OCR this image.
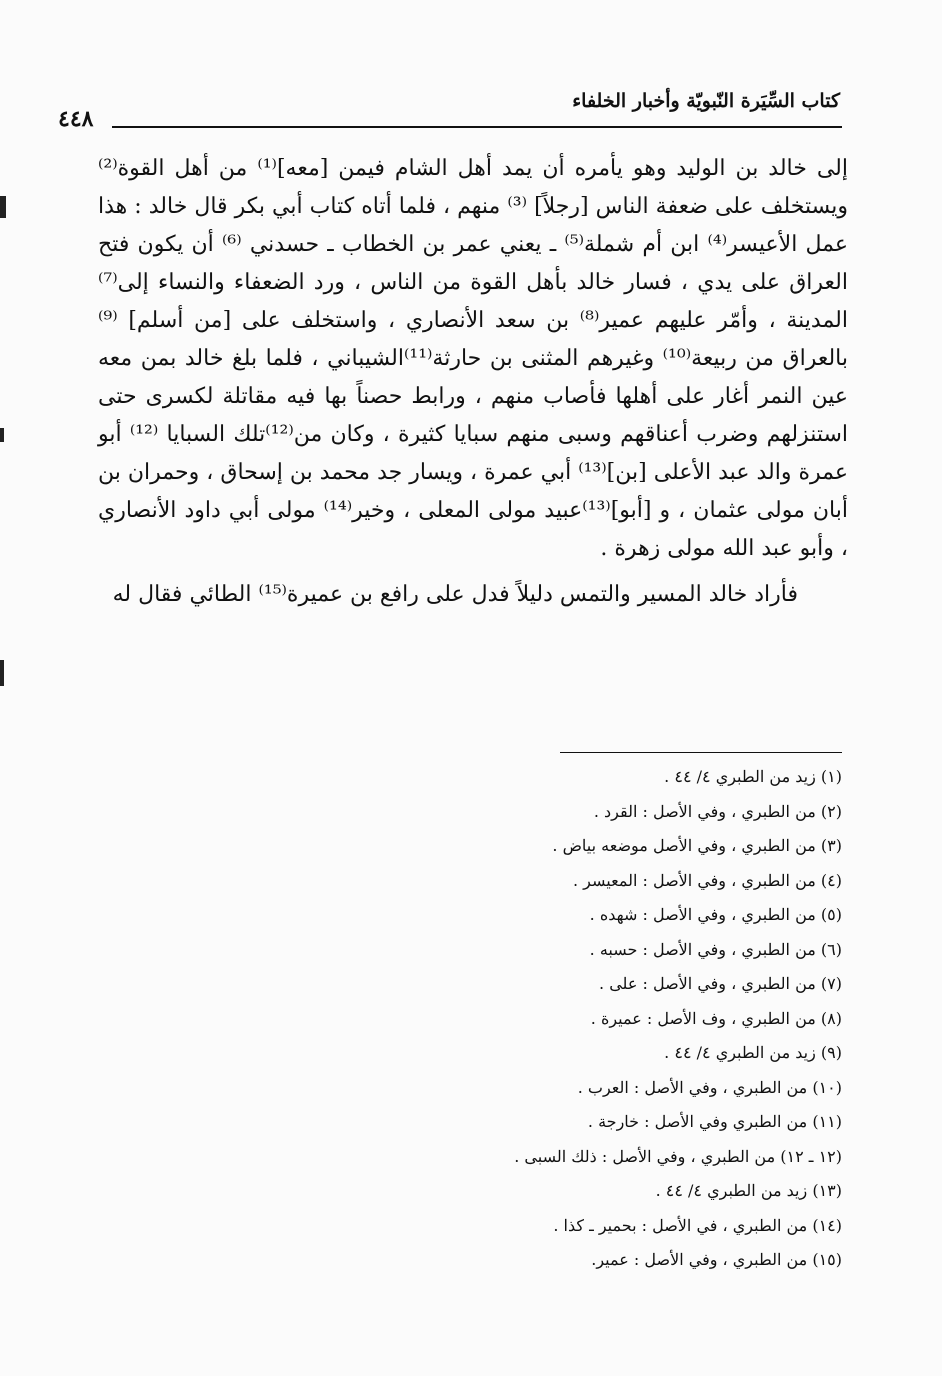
كتاب السِّيَرة النّبويّة وأخبار الخلفاء
٤٤٨

إلى خالد بن الوليد وهو يأمره أن يمد أهل الشام فيمن [معه]⁽¹⁾ من أهل القوة⁽²⁾ ويستخلف على ضعفة الناس [رجلاً] ⁽³⁾ منهم ، فلما أتاه كتاب أبي بكر قال خالد : هذا عمل الأعيسر⁽⁴⁾ ابن أم شملة⁽⁵⁾ ـ يعني عمر بن الخطاب ـ حسدني ⁽⁶⁾ أن يكون فتح العراق على يدي ، فسار خالد بأهل القوة من الناس ، ورد الضعفاء والنساء إلى⁽⁷⁾ المدينة ، وأمّر عليهم عمير⁽⁸⁾ بن سعد الأنصاري ، واستخلف على [من أسلم] ⁽⁹⁾ بالعراق من ربيعة⁽¹⁰⁾ وغيرهم المثنى بن حارثة⁽¹¹⁾الشيباني ، فلما بلغ خالد بمن معه عين النمر أغار على أهلها فأصاب منهم ، ورابط حصناً بها فيه مقاتلة لكسرى حتى استنزلهم وضرب أعناقهم وسبى منهم سبايا كثيرة ، وكان من⁽¹²⁾تلك السبايا ⁽¹²⁾ أبو عمرة والد عبد الأعلى [بن]⁽¹³⁾ أبي عمرة ، ويسار جد محمد بن إسحاق ، وحمران بن أبان مولى عثمان ، و [أبو]⁽¹³⁾عبيد مولى المعلى ، وخير⁽¹⁴⁾ مولى أبي داود الأنصاري ، وأبو عبد الله مولى زهرة .

فأراد خالد المسير والتمس دليلاً فدل على رافع بن عميرة⁽¹⁵⁾ الطائي فقال له

(١) زيد من الطبري ٤/ ٤٤ .
(٢) من الطبري ، وفي الأصل : القرد .
(٣) من الطبري ، وفي الأصل موضعه بياض .
(٤) من الطبري ، وفي الأصل : المعيسر .
(٥) من الطبري ، وفي الأصل : شهده .
(٦) من الطبري ، وفي الأصل : حسبه .
(٧) من الطبري ، وفي الأصل : على .
(٨) من الطبري ، وف الأصل : عميرة .
(٩) زيد من الطبري ٤/ ٤٤ .
(١٠) من الطبري ، وفي الأصل : العرب .
(١١) من الطبري وفي الأصل : خارجة .
(١٢ ـ ١٢) من الطبري ، وفي الأصل : ذلك السبى .
(١٣) زيد من الطبري ٤/ ٤٤ .
(١٤) من الطبري ، في الأصل : بحمير ـ كذا .
(١٥) من الطبري ، وفي الأصل : عمير.
